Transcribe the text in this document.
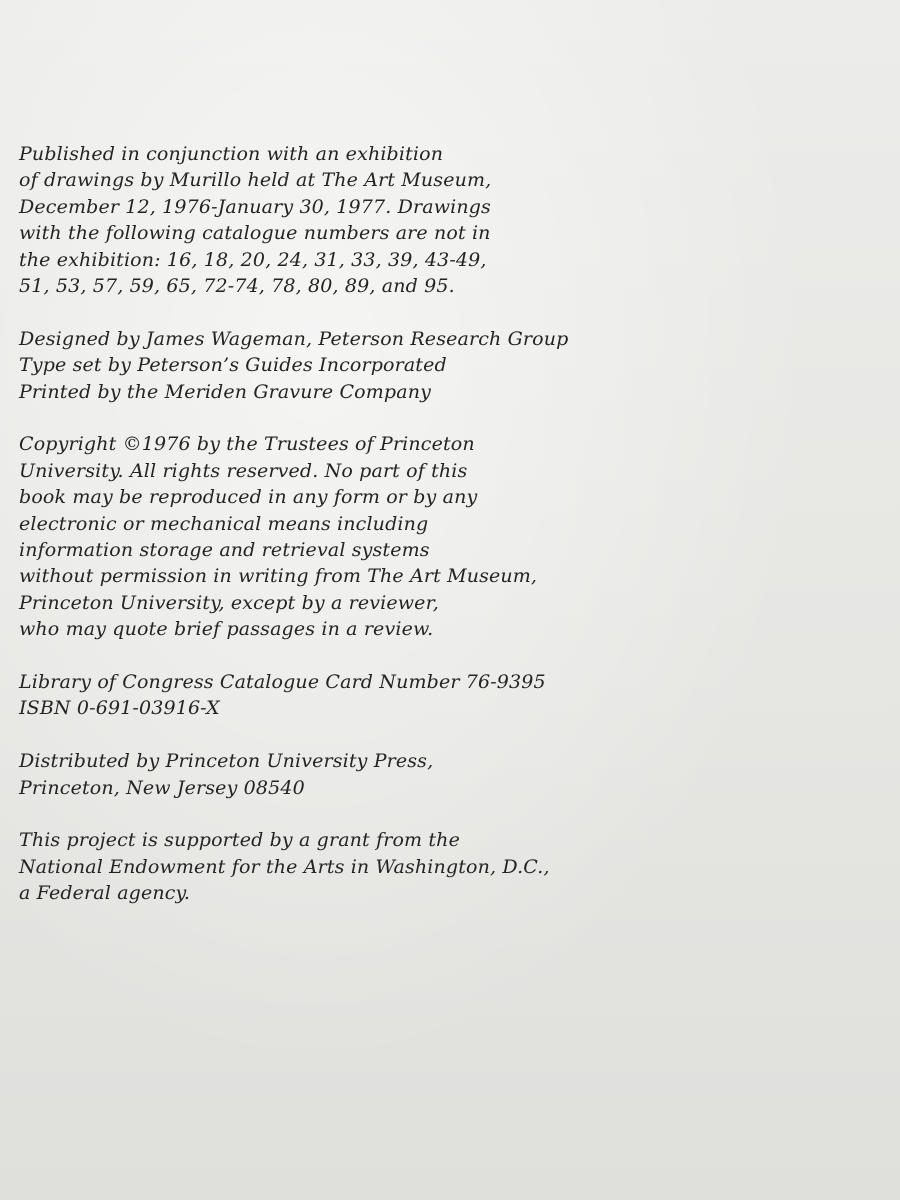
Published in conjunction with an exhibition
of drawings by Murillo held at The Art Museum,
December 12, 1976-January 30, 1977. Drawings
with the following catalogue numbers are not in
the exhibition: 16, 18, 20, 24, 31, 33, 39, 43-49,
51, 53, 57, 59, 65, 72-74, 78, 80, 89, and 95.

Designed by James Wageman, Peterson Research Group
Type set by Peterson’s Guides Incorporated
Printed by the Meriden Gravure Company

Copyright ©1976 by the Trustees of Princeton
University. All rights reserved. No part of this
book may be reproduced in any form or by any
electronic or mechanical means including
information storage and retrieval systems
without permission in writing from The Art Museum,
Princeton University, except by a reviewer,
who may quote brief passages in a review.

Library of Congress Catalogue Card Number 76-9395
ISBN 0-691-03916-X

Distributed by Princeton University Press,
Princeton, New Jersey 08540

This project is supported by a grant from the
National Endowment for the Arts in Washington, D.C.,
a Federal agency.
